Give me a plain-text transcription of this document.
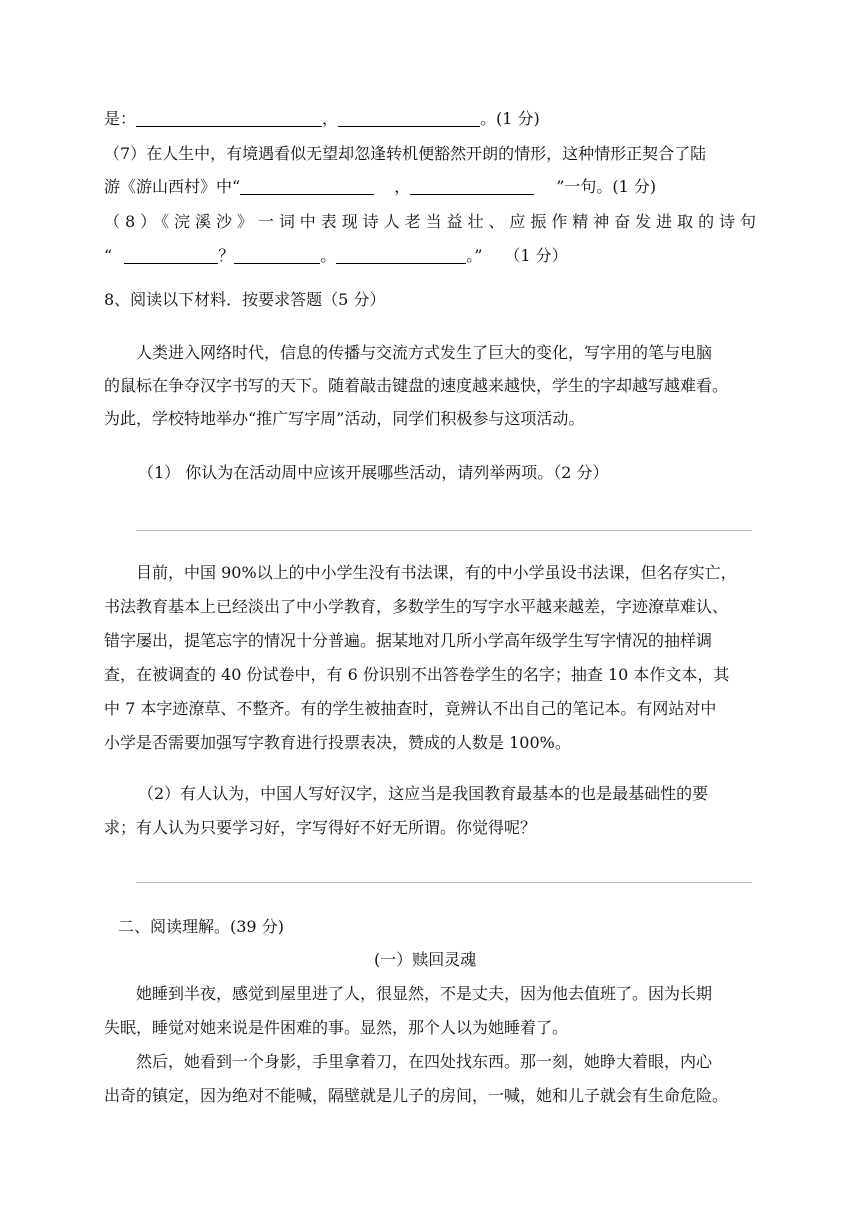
是：	，	。(1 分)
（7）在人生中，有境遇看似无望却忽逢转机便豁然开朗的情形，这种情形正契合了陆
游《游山西村》中“	，	”一句。(1 分)
（8）《浣溪沙》一词中表现诗人老当益壮、应振作精神奋发进取的诗句
“	？	。	。” （1 分）
8、阅读以下材料．按要求答题（5 分）
人类进入网络时代，信息的传播与交流方式发生了巨大的变化，写字用的笔与电脑
的鼠标在争夺汉字书写的天下。随着敲击键盘的速度越来越快，学生的字却越写越难看。
为此，学校特地举办“推广写字周”活动，同学们积极参与这项活动。
（1） 你认为在活动周中应该开展哪些活动，请列举两项。（2 分）
目前，中国 90%以上的中小学生没有书法课，有的中小学虽设书法课，但名存实亡，
书法教育基本上已经淡出了中小学教育，多数学生的写字水平越来越差，字迹潦草难认、
错字屡出，提笔忘字的情况十分普遍。据某地对几所小学高年级学生写字情况的抽样调
查，在被调查的 40 份试卷中，有 6 份识别不出答卷学生的名字；抽查 10 本作文本，其
中 7 本字迹潦草、不整齐。有的学生被抽查时，竟辨认不出自己的笔记本。有网站对中
小学是否需要加强写字教育进行投票表决，赞成的人数是 100%。
（2）有人认为，中国人写好汉字，这应当是我国教育最基本的也是最基础性的要
求；有人认为只要学习好，字写得好不好无所谓。你觉得呢？
二、阅读理解。(39 分)
(一）赎回灵魂
她睡到半夜，感觉到屋里进了人，很显然，不是丈夫，因为他去值班了。因为长期
失眠，睡觉对她来说是件困难的事。显然，那个人以为她睡着了。
然后，她看到一个身影，手里拿着刀，在四处找东西。那一刻，她睁大着眼，内心
出奇的镇定，因为绝对不能喊，隔壁就是儿子的房间，一喊，她和儿子就会有生命危险。
